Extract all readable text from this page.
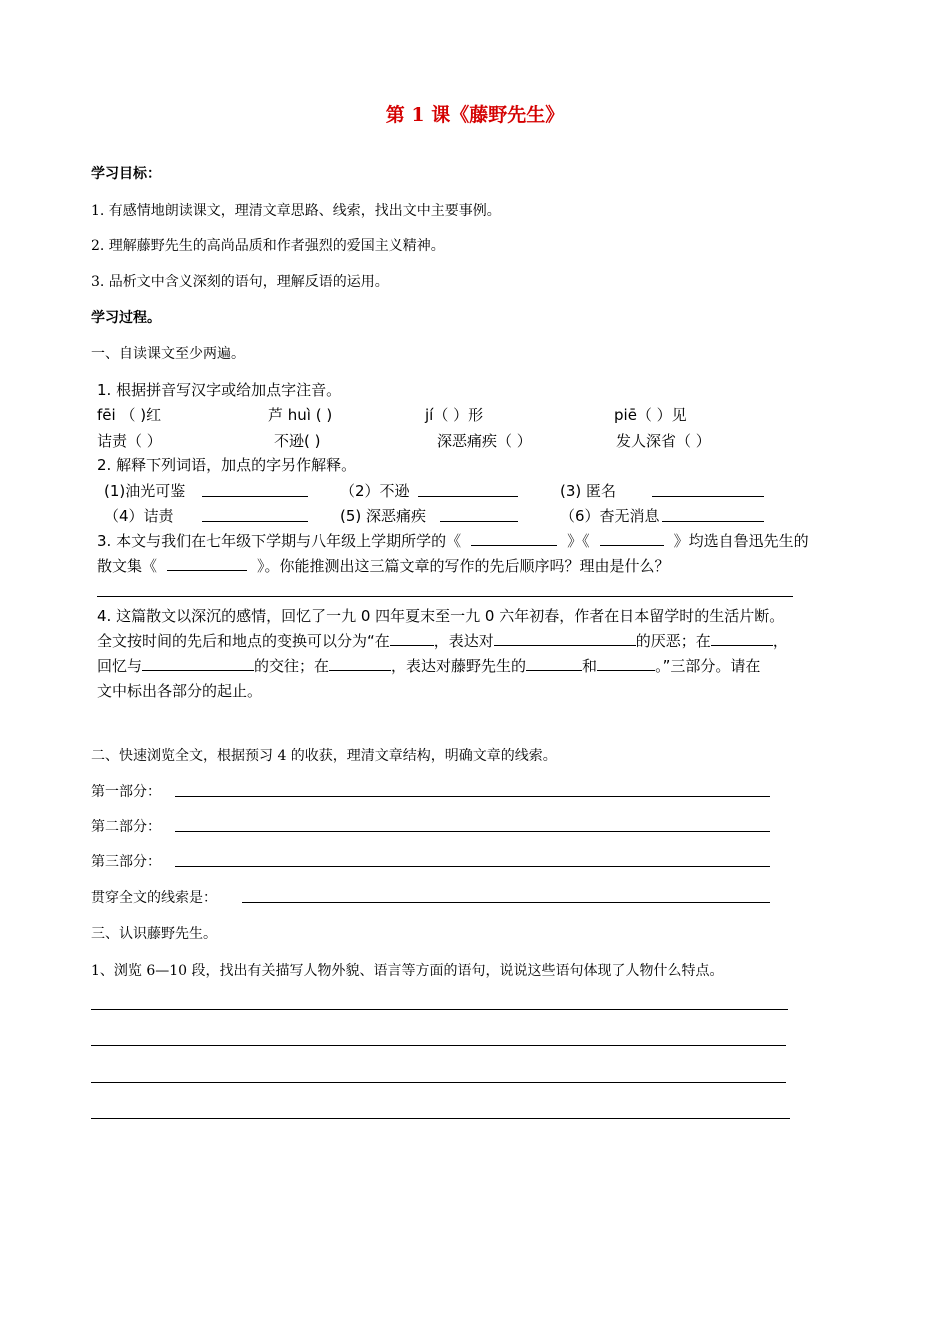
第 1 课《藤野先生》
学习目标：
1. 有感情地朗读课文，理清文章思路、线索，找出文中主要事例。
2. 理解藤野先生的高尚品质和作者强烈的爱国主义精神。
3. 品析文中含义深刻的语句，理解反语的运用。
学习过程。
一、自读课文至少两遍。
1. 根据拼音写汉字或给加点字注音。
fēi （ )红	芦 huì ( )	jí（ ）形	piē（ ）见
诘责（ ）	不逊( )	深恶痛疾（ ）	发人深省（ ）
2. 解释下列词语，加点的字另作解释。
(1)油光可鉴	（2）不逊	(3) 匿名
（4）诘责	(5) 深恶痛疾	（6）杳无消息
3. 本文与我们在七年级下学期与八年级上学期所学的《	》《	》均选自鲁迅先生的
散文集《	》。你能推测出这三篇文章的写作的先后顺序吗？理由是什么？
4. 这篇散文以深沉的感情，回忆了一九 0 四年夏末至一九 0 六年初春，作者在日本留学时的生活片断。
全文按时间的先后和地点的变换可以分为“在	，表达对	的厌恶；在	，
回忆与	的交往；在	，表达对藤野先生的	和	。”三部分。请在
文中标出各部分的起止。
二、快速浏览全文，根据预习 4 的收获，理清文章结构，明确文章的线索。
第一部分：
第二部分：
第三部分：
贯穿全文的线索是：
三、认识藤野先生。
1、浏览 6—10 段，找出有关描写人物外貌、语言等方面的语句，说说这些语句体现了人物什么特点。
